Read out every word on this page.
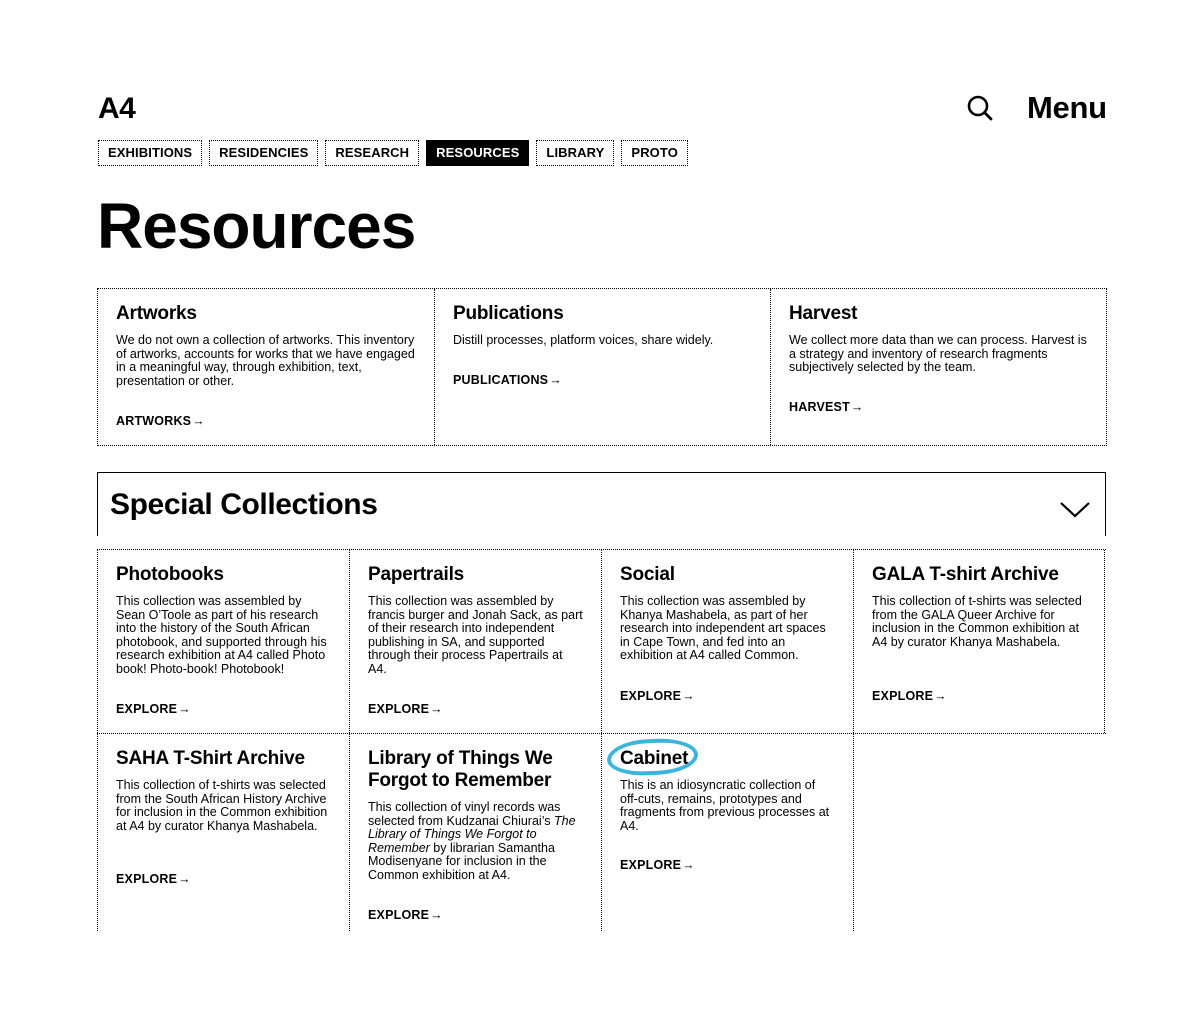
A4	Menu
EXHIBITIONS	RESIDENCIES	RESEARCH	RESOURCES	LIBRARY	PROTO
Resources
Artworks
We do not own a collection of artworks. This inventory of artworks, accounts for works that we have engaged in a meaningful way, through exhibition, text, presentation or other.
ARTWORKS→
Publications
Distill processes, platform voices, share widely.
PUBLICATIONS→
Harvest
We collect more data than we can process. Harvest is a strategy and inventory of research fragments subjectively selected by the team.
HARVEST→
Special Collections
Photobooks
This collection was assembled by Sean O’Toole as part of his research into the history of the South African photobook, and supported through his research exhibition at A4 called Photo book! Photo-book! Photobook!
EXPLORE→
Papertrails
This collection was assembled by francis burger and Jonah Sack, as part of their research into independent publishing in SA, and supported through their process Papertrails at A4.
EXPLORE→
Social
This collection was assembled by Khanya Mashabela, as part of her research into independent art spaces in Cape Town, and fed into an exhibition at A4 called Common.
EXPLORE→
GALA T-shirt Archive
This collection of t-shirts was selected from the GALA Queer Archive for inclusion in the Common exhibition at A4 by curator Khanya Mashabela.
EXPLORE→
SAHA T-Shirt Archive
This collection of t-shirts was selected from the South African History Archive for inclusion in the Common exhibition at A4 by curator Khanya Mashabela.
EXPLORE→
Library of Things We Forgot to Remember
This collection of vinyl records was selected from Kudzanai Chiurai’s The Library of Things We Forgot to Remember by librarian Samantha Modisenyane for inclusion in the Common exhibition at A4.
EXPLORE→
Cabinet
This is an idiosyncratic collection of off-cuts, remains, prototypes and fragments from previous processes at A4.
EXPLORE→
